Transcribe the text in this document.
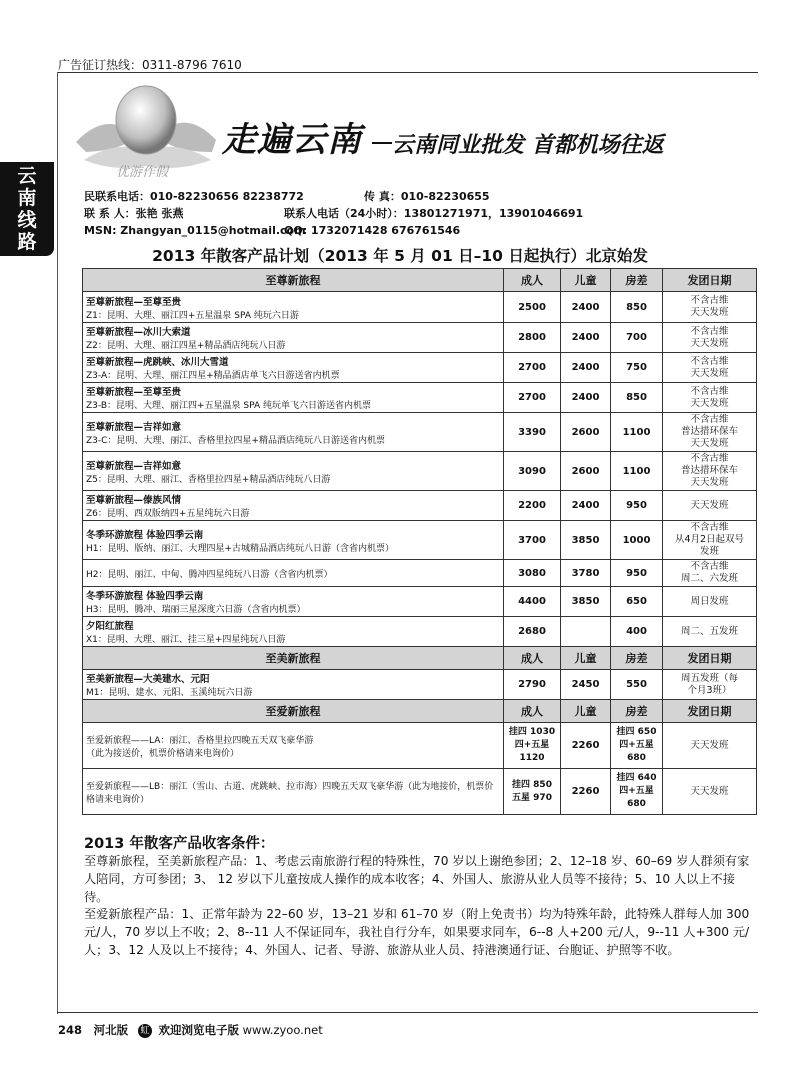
广告征订热线：0311-8796 7610
云
南
线
路
优游作假
走遍云南 云南同业批发 首都机场往返
民联系电话：010-82230656 82238772	传 真：010-82230655
联 系 人：张艳 张燕	联系人电话（24小时）：13801271971，13901046691
MSN: Zhangyan_0115@hotmail.com
QQ: 1732071428 676761546
2013 年散客产品计划（2013 年 5 月 01 日–10 日起执行）北京始发
至尊新旅程	成人	儿童	房差	发团日期

至尊新旅程—至尊至贵
Z1：昆明、大理、丽江四+五星温泉 SPA 纯玩六日游	2500	2400	850	不含古维
天天发班

至尊新旅程—冰川大索道
Z2：昆明、大理、丽江四星+精品酒店纯玩八日游	2800	2400	700	不含古维
天天发班

至尊新旅程—虎跳峡、冰川大雪道
Z3-A：昆明、大理、丽江四星+精品酒店单飞六日游送省内机票	2700	2400	750	不含古维
天天发班

至尊新旅程—至尊至贵
Z3-B：昆明、大理、丽江四+五星温泉 SPA 纯玩单飞六日游送省内机票	2700	2400	850	不含古维
天天发班

至尊新旅程—吉祥如意
Z3-C：昆明、大理、丽江、香格里拉四星+精品酒店纯玩八日游送省内机票	3390	2600	1100	不含古维
普达措环保车
天天发班

至尊新旅程—吉祥如意
Z5：昆明、大理、丽江、香格里拉四星+精品酒店纯玩八日游	3090	2600	1100	不含古维
普达措环保车
天天发班

至尊新旅程—傣族风情
Z6：昆明、西双版纳四+五星纯玩六日游	2200	2400	950	天天发班

冬季环游旅程 体验四季云南
H1：昆明、版纳、丽江、大理四星+古城精品酒店纯玩八日游（含省内机票）	3700	3850	1000	不含古维
从4月2日起双号
发班

H2：昆明、丽江、中甸、腾冲四星纯玩八日游（含省内机票）	3080	3780	950	不含古维
周二、六发班

冬季环游旅程 体验四季云南
H3：昆明、腾冲、瑞丽三星深度六日游（含省内机票）	4400	3850	650	周日发班

夕阳红旅程
X1：昆明、大理、丽江、挂三星+四星纯玩八日游	2680		400	周二、五发班
至美新旅程	成人	儿童	房差	发团日期

至美新旅程—大美建水、元阳
M1：昆明、建水、元阳、玉溪纯玩六日游	2790	2450	550	周五发班（每
个月3班）
至爱新旅程	成人	儿童	房差	发团日期

至爱新旅程——LA：丽江、香格里拉四晚五天双飞豪华游
（此为接送价，机票价格请来电询价）	挂四 1030
四+五星
1120	2260	挂四 650
四+五星
680	天天发班

至爱新旅程——LB：丽江（雪山、古道、虎跳峡、拉市海）四晚五天双飞豪华游（此为地接价，机票价格请来电询价）	挂四 850
五星 970	2260	挂四 640
四+五星
680	天天发班
2013 年散客产品收客条件：

至尊新旅程，至美新旅程产品：1、考虑云南旅游行程的特殊性，70 岁以上谢绝参团；2、12–18 岁、60–69 岁人群须有家人陪同，方可参团；3、 12 岁以下儿童按成人操作的成本收客；4、外国人、旅游从业人员等不接待；5、10 人以上不接待。

至爱新旅程产品：1、正常年龄为 22–60 岁，13–21 岁和 61–70 岁（附上免责书）均为特殊年龄，此特殊人群每人加 300 元/人，70 岁以上不收；2、8--11 人不保证同车，我社自行分车，如果要求同车，6--8 人+200 元/人，9--11 人+300 元/人；3、12 人及以上不接待；4、外国人、记者、导游、旅游从业人员、持港澳通行证、台胞证、护照等不收。

248 河北版 虹 欢迎浏览电子版 www.zyoo.net
